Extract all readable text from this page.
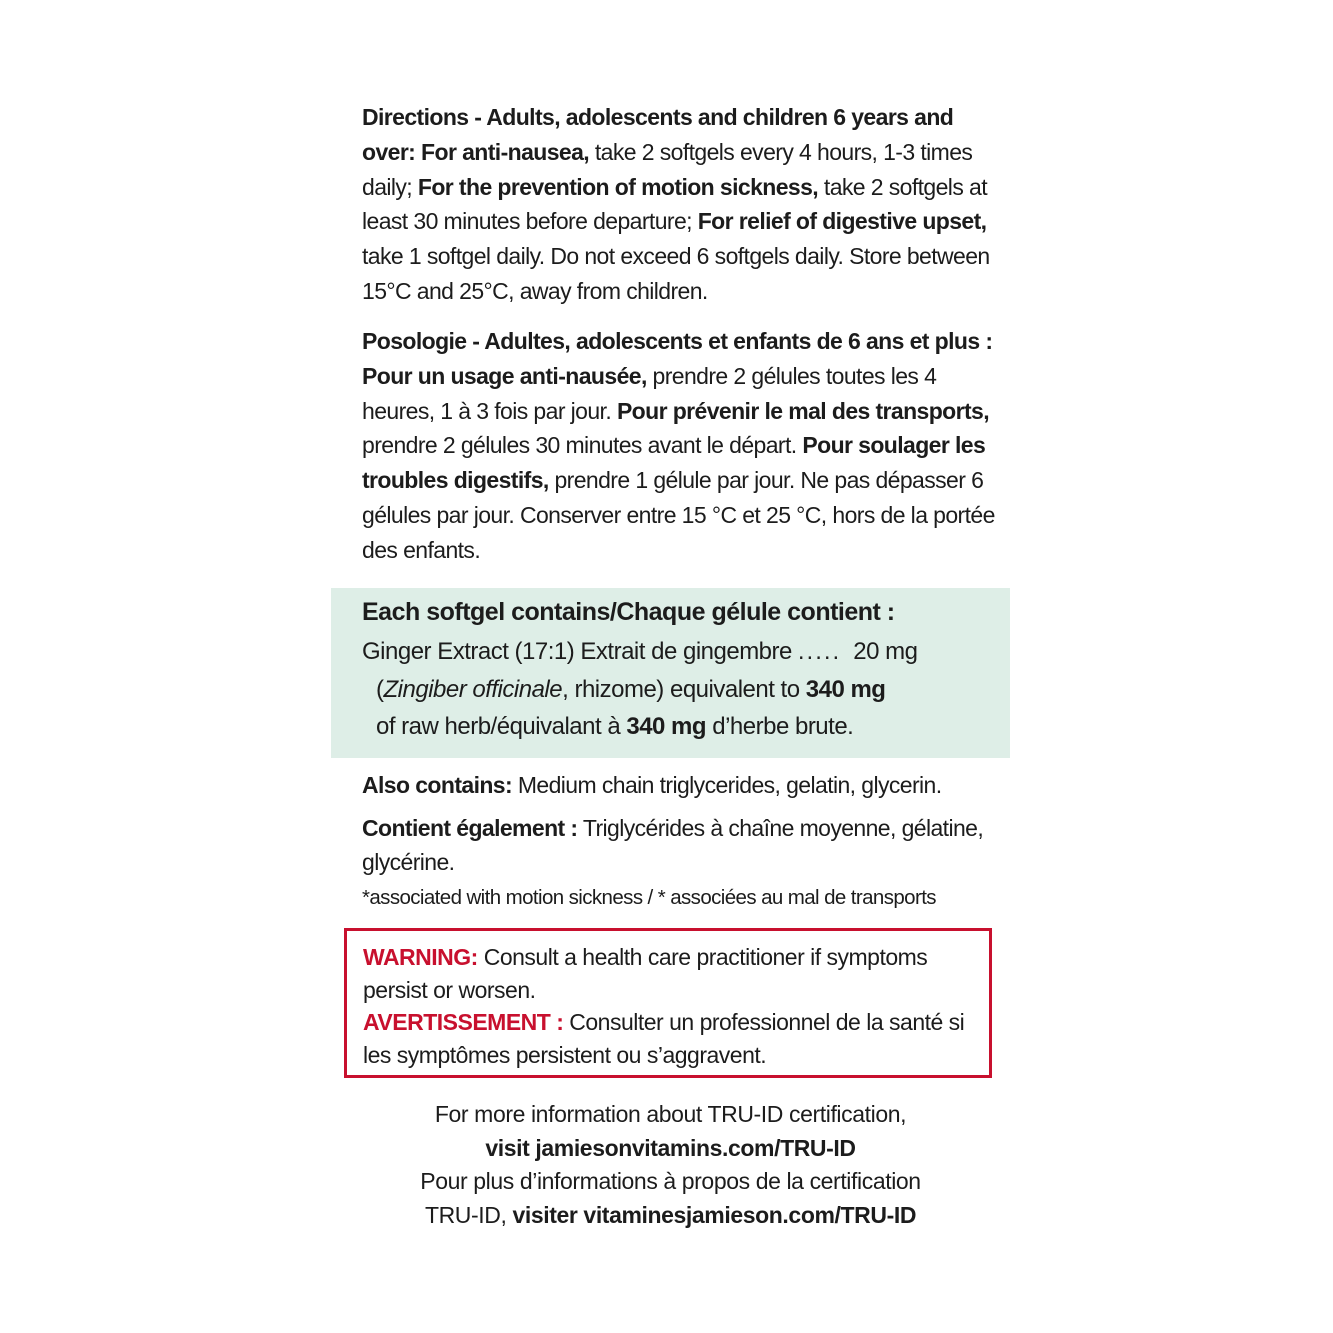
Directions - Adults, adolescents and children 6 years and over: For anti-nausea, take 2 softgels every 4 hours, 1-3 times daily; For the prevention of motion sickness, take 2 softgels at least 30 minutes before departure; For relief of digestive upset, take 1 softgel daily. Do not exceed 6 softgels daily. Store between 15°C and 25°C, away from children.

Posologie - Adultes, adolescents et enfants de 6 ans et plus : Pour un usage anti-nausée, prendre 2 gélules toutes les 4 heures, 1 à 3 fois par jour. Pour prévenir le mal des transports, prendre 2 gélules 30 minutes avant le départ. Pour soulager les troubles digestifs, prendre 1 gélule par jour. Ne pas dépasser 6 gélules par jour. Conserver entre 15 °C et 25 °C, hors de la portée des enfants.

Each softgel contains/Chaque gélule contient :
Ginger Extract (17:1) Extrait de gingembre ..... 20 mg
(Zingiber officinale, rhizome) equivalent to 340 mg
of raw herb/équivalant à 340 mg d’herbe brute.

Also contains: Medium chain triglycerides, gelatin, glycerin.

Contient également : Triglycérides à chaîne moyenne, gélatine, glycérine.

*associated with motion sickness / * associées au mal de transports

WARNING: Consult a health care practitioner if symptoms persist or worsen.
AVERTISSEMENT : Consulter un professionnel de la santé si les symptômes persistent ou s’aggravent.

For more information about TRU-ID certification,
visit jamiesonvitamins.com/TRU-ID
Pour plus d’informations à propos de la certification
TRU-ID, visiter vitaminesjamieson.com/TRU-ID
